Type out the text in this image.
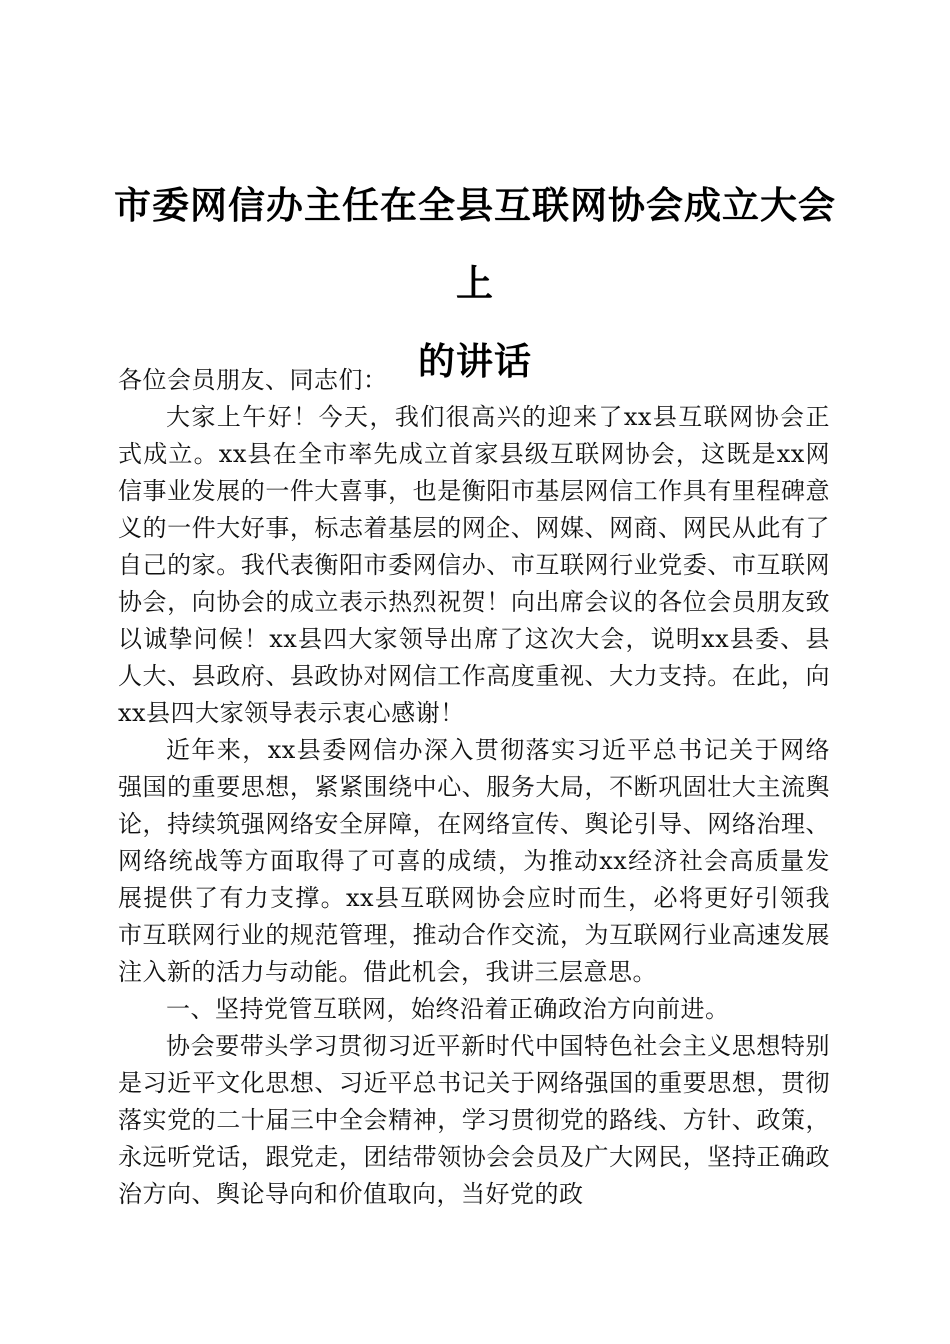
市委网信办主任在全县互联网协会成立大会上
的讲话

各位会员朋友、同志们：

大家上午好！今天，我们很高兴的迎来了xx县互联网协会正式成立。xx县在全市率先成立首家县级互联网协会，这既是xx网信事业发展的一件大喜事，也是衡阳市基层网信工作具有里程碑意义的一件大好事，标志着基层的网企、网媒、网商、网民从此有了自己的家。我代表衡阳市委网信办、市互联网行业党委、市互联网协会，向协会的成立表示热烈祝贺！向出席会议的各位会员朋友致以诚挚问候！xx县四大家领导出席了这次大会，说明xx县委、县人大、县政府、县政协对网信工作高度重视、大力支持。在此，向xx县四大家领导表示衷心感谢！

近年来，xx县委网信办深入贯彻落实习近平总书记关于网络强国的重要思想，紧紧围绕中心、服务大局，不断巩固壮大主流舆论，持续筑强网络安全屏障，在网络宣传、舆论引导、网络治理、网络统战等方面取得了可喜的成绩，为推动xx经济社会高质量发展提供了有力支撑。xx县互联网协会应时而生，必将更好引领我市互联网行业的规范管理，推动合作交流，为互联网行业高速发展注入新的活力与动能。借此机会，我讲三层意思。

一、坚持党管互联网，始终沿着正确政治方向前进。

协会要带头学习贯彻习近平新时代中国特色社会主义思想特别是习近平文化思想、习近平总书记关于网络强国的重要思想，贯彻落实党的二十届三中全会精神，学习贯彻党的路线、方针、政策，永远听党话，跟党走，团结带领协会会员及广大网民，坚持正确政治方向、舆论导向和价值取向，当好党的政
